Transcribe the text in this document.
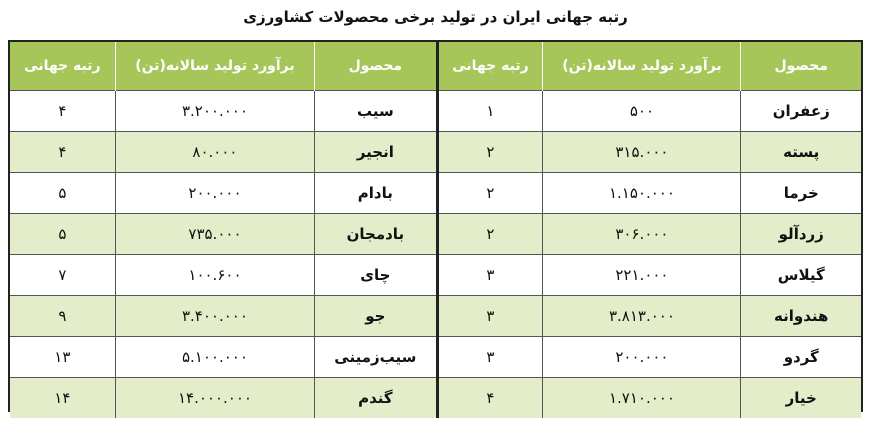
رتبه جهانی ایران در تولید برخی محصولات کشاورزی
محصول	برآورد تولید سالانه(تن)	رتبه جهانی
زعفران	۵۰۰	۱
پسته	۳۱۵.۰۰۰	۲
خرما	۱.۱۵۰.۰۰۰	۲
زردآلو	۳۰۶.۰۰۰	۲
گیلاس	۲۲۱.۰۰۰	۳
هندوانه	۳.۸۱۳.۰۰۰	۳
گردو	۲۰۰.۰۰۰	۳
خیار	۱.۷۱۰.۰۰۰	۴
محصول	برآورد تولید سالانه(تن)	رتبه جهانی
سیب	۳.۲۰۰.۰۰۰	۴
انجیر	۸۰.۰۰۰	۴
بادام	۲۰۰.۰۰۰	۵
بادمجان	۷۳۵.۰۰۰	۵
چای	۱۰۰.۶۰۰	۷
جو	۳.۴۰۰.۰۰۰	۹
سیب‌زمینی	۵.۱۰۰.۰۰۰	۱۳
گندم	۱۴.۰۰۰.۰۰۰	۱۴
